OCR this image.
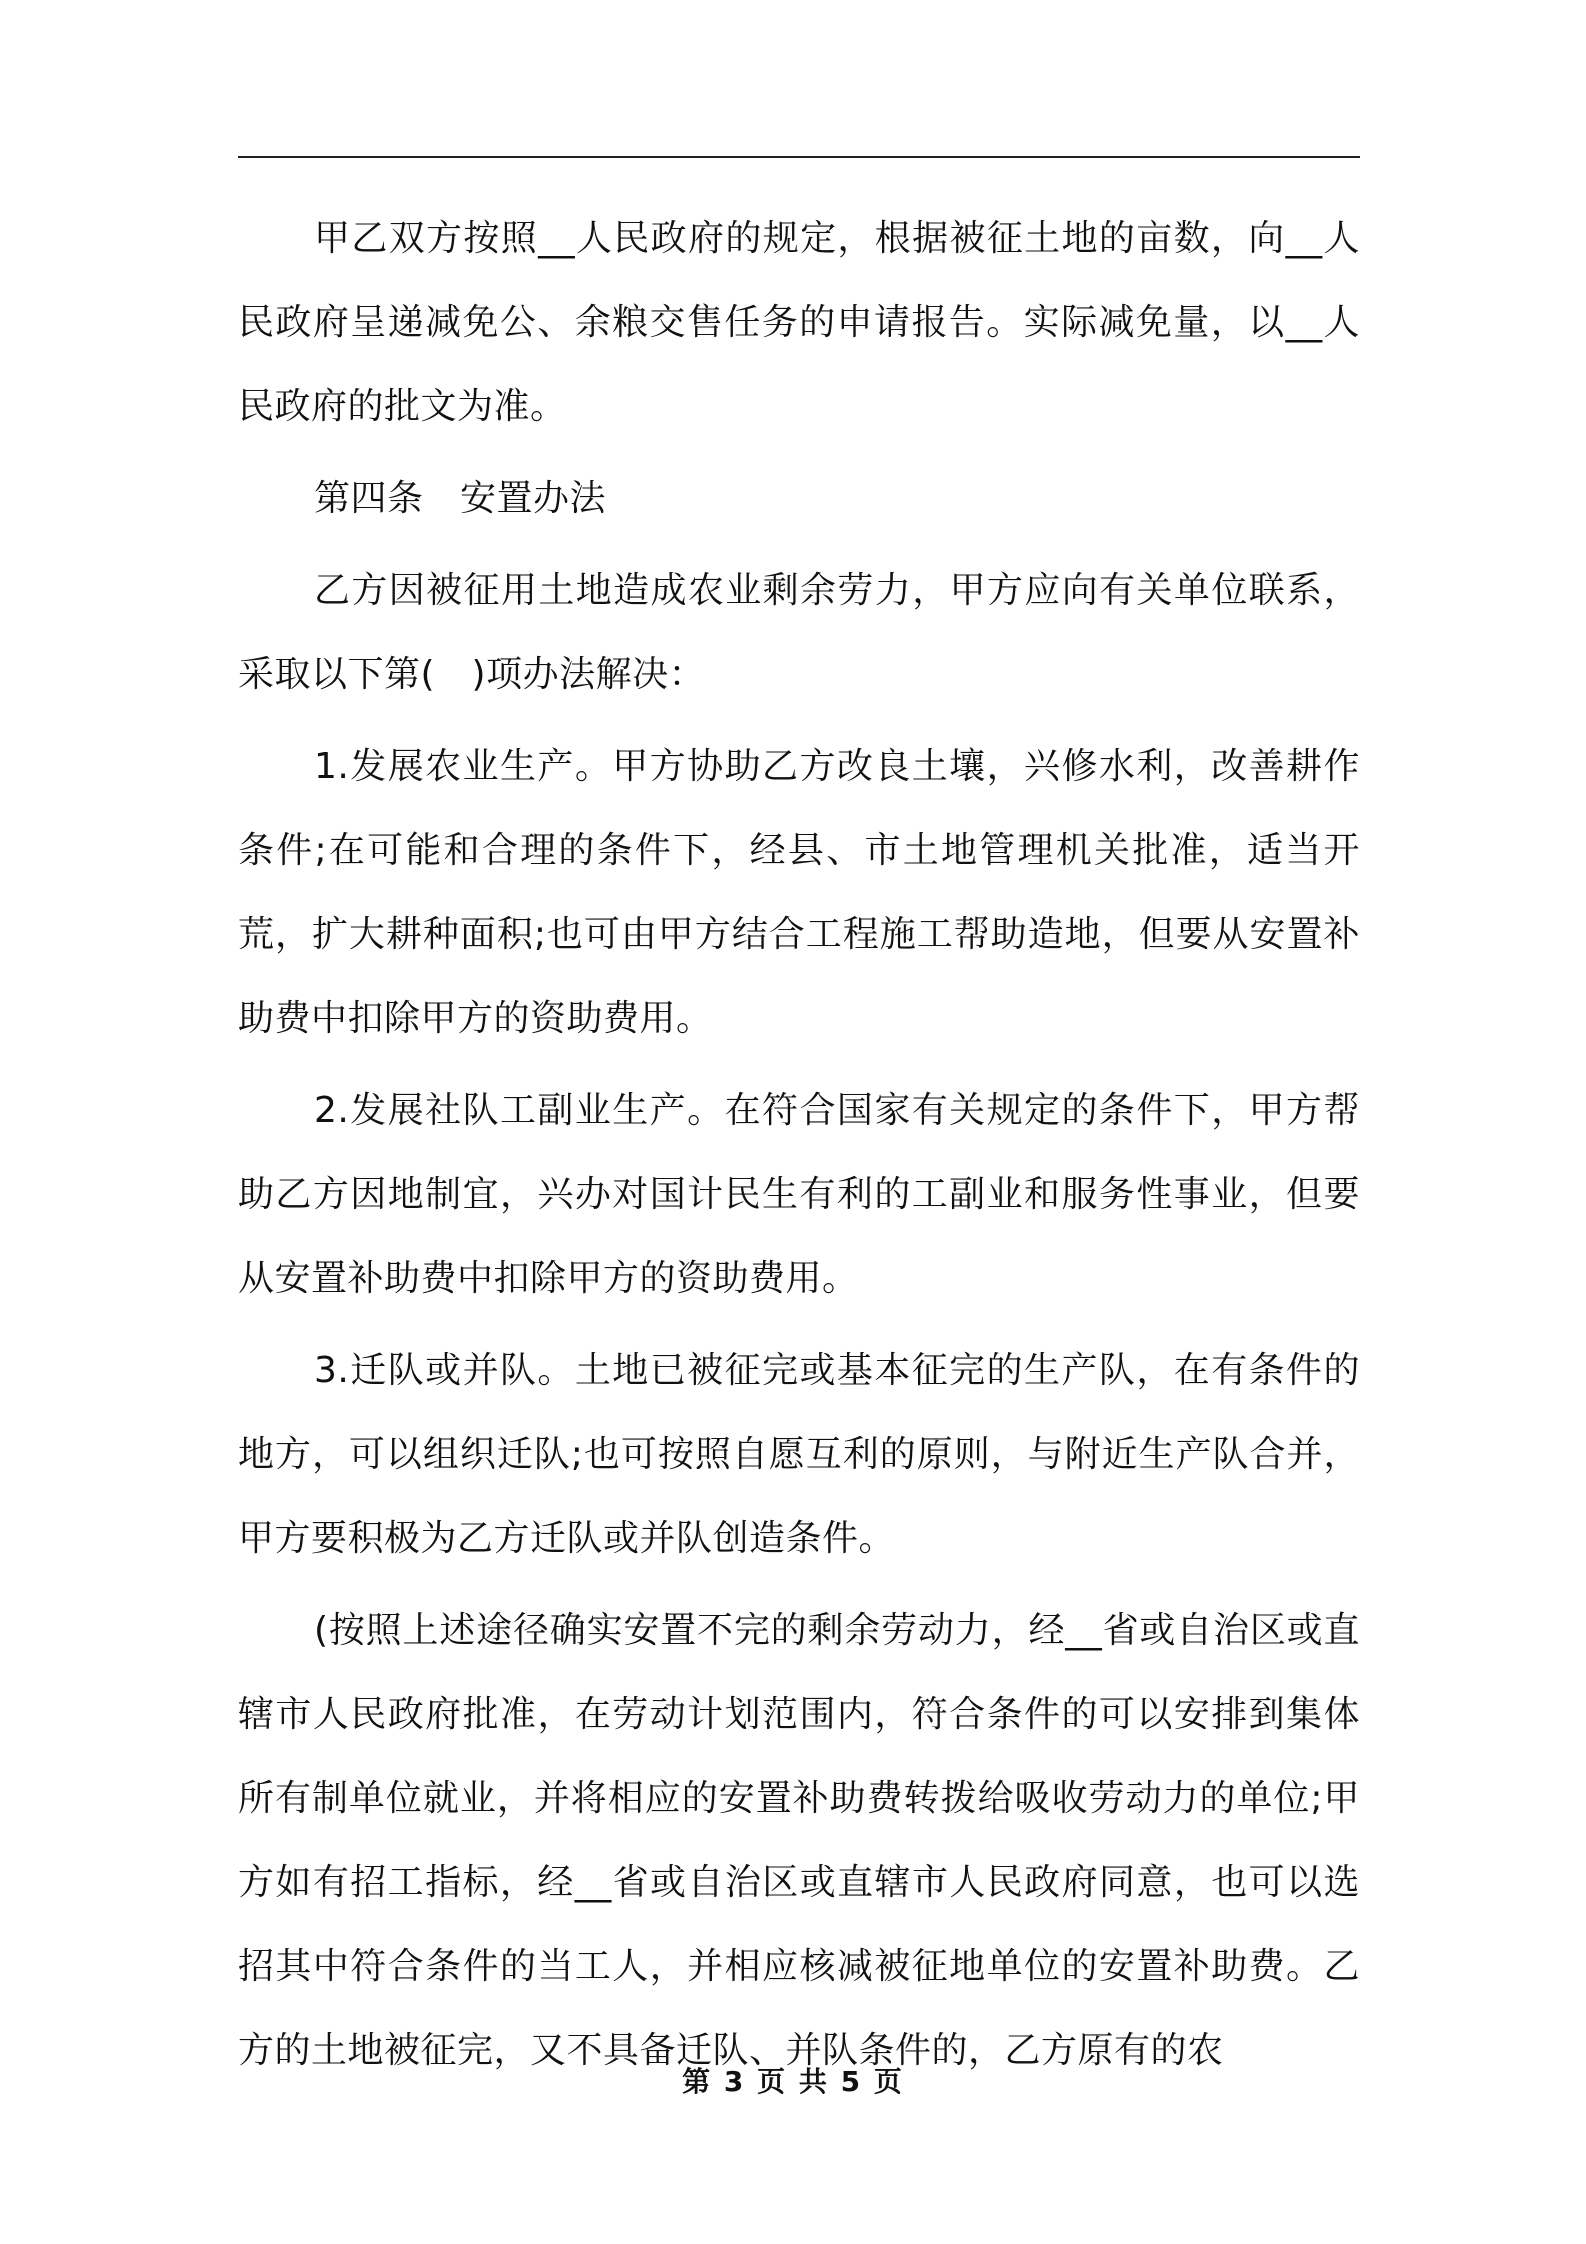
甲乙双方按照__人民政府的规定，根据被征土地的亩数，向__人民政府呈递减免公、余粮交售任务的申请报告。实际减免量，以__人民政府的批文为准。

第四条　安置办法

乙方因被征用土地造成农业剩余劳力，甲方应向有关单位联系，采取以下第(　)项办法解决：

1.发展农业生产。甲方协助乙方改良土壤，兴修水利，改善耕作条件;在可能和合理的条件下，经县、市土地管理机关批准，适当开荒，扩大耕种面积;也可由甲方结合工程施工帮助造地，但要从安置补助费中扣除甲方的资助费用。

2.发展社队工副业生产。在符合国家有关规定的条件下，甲方帮助乙方因地制宜，兴办对国计民生有利的工副业和服务性事业，但要从安置补助费中扣除甲方的资助费用。

3.迁队或并队。土地已被征完或基本征完的生产队，在有条件的地方，可以组织迁队;也可按照自愿互利的原则，与附近生产队合并，甲方要积极为乙方迁队或并队创造条件。

(按照上述途径确实安置不完的剩余劳动力，经__省或自治区或直辖市人民政府批准，在劳动计划范围内，符合条件的可以安排到集体所有制单位就业，并将相应的安置补助费转拨给吸收劳动力的单位;甲方如有招工指标，经__省或自治区或直辖市人民政府同意，也可以选招其中符合条件的当工人，并相应核减被征地单位的安置补助费。乙方的土地被征完，又不具备迁队、并队条件的，乙方原有的农

第 3 页 共 5 页
